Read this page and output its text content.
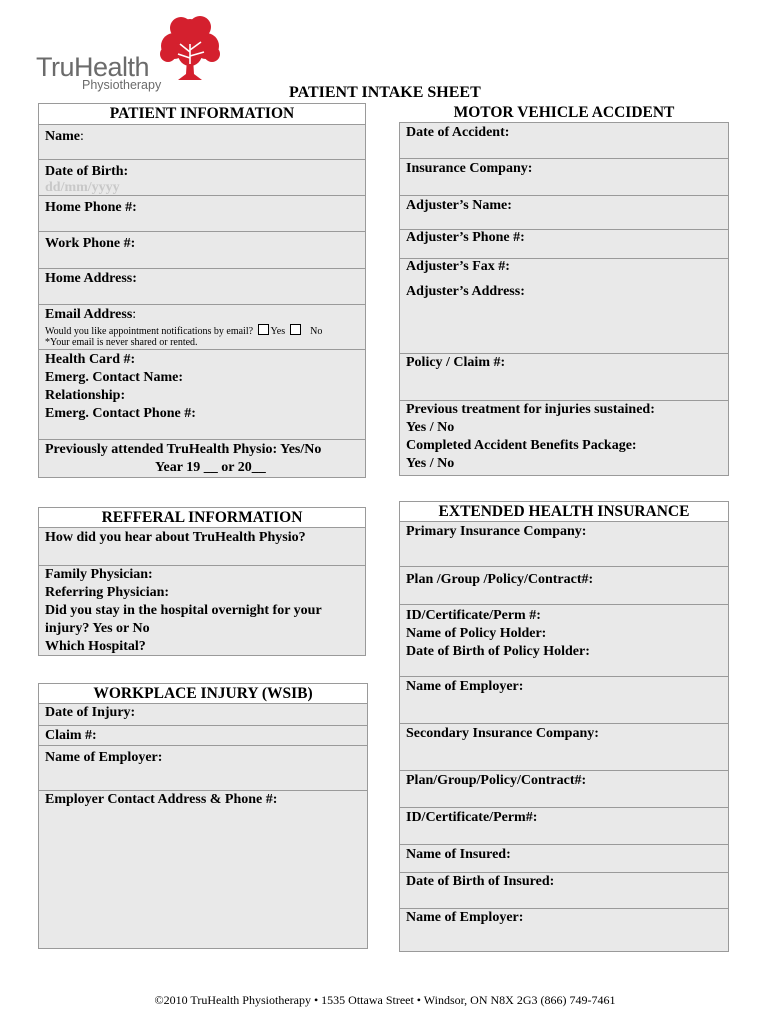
TruHealth
Physiotherapy	PATIENT INTAKE SHEET
PATIENT INFORMATION
Name:
Date of Birth:
dd/mm/yyyy
Home Phone #:
Work Phone #:
Home Address:
Email Address:
Would you like appointment notifications by email? Yes	No
*Your email is never shared or rented.
Health Card #:
Emerg. Contact Name:
Relationship:
Emerg. Contact Phone #:
Previously attended TruHealth Physio: Yes/No
Year 19 __ or 20__
MOTOR VEHICLE ACCIDENT
Date of Accident:
Insurance Company:
Adjuster’s Name:
Adjuster’s Phone #:
Adjuster’s Fax #:
Adjuster’s Address:
Policy / Claim #:
Previous treatment for injuries sustained:
Yes / No
Completed Accident Benefits Package:
Yes / No
REFFERAL INFORMATION
How did you hear about TruHealth Physio?
Family Physician:
Referring Physician:
Did you stay in the hospital overnight for your
injury? Yes or No
Which Hospital?
EXTENDED HEALTH INSURANCE
Primary Insurance Company:
Plan /Group /Policy/Contract#:
ID/Certificate/Perm #:
Name of Policy Holder:
Date of Birth of Policy Holder:
Name of Employer:
Secondary Insurance Company:
Plan/Group/Policy/Contract#:
ID/Certificate/Perm#:
Name of Insured:
Date of Birth of Insured:
Name of Employer:
WORKPLACE INJURY (WSIB)
Date of Injury:
Claim #:
Name of Employer:
Employer Contact Address & Phone #:
©2010 TruHealth Physiotherapy • 1535 Ottawa Street • Windsor, ON N8X 2G3 (866) 749-7461
